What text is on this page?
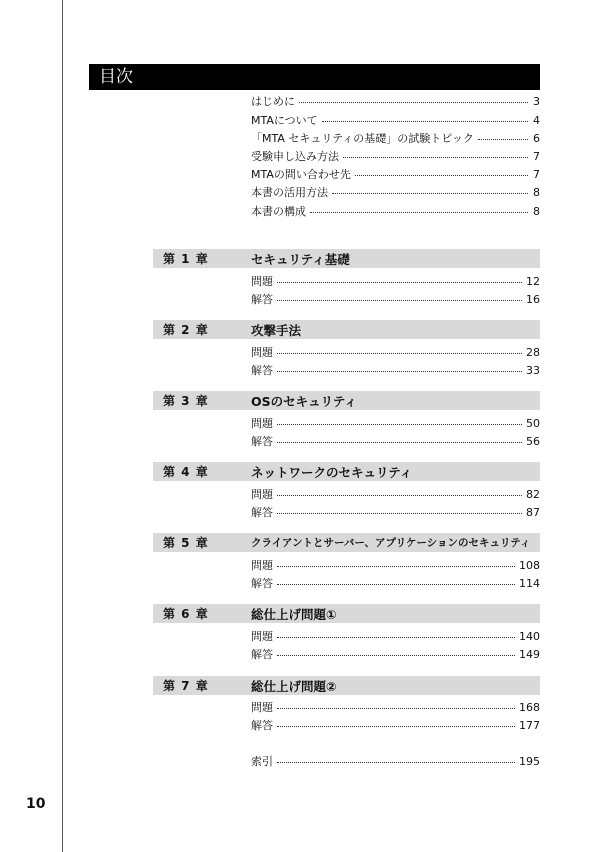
目次
はじめに	3
MTAについて	4
「MTA セキュリティの基礎」の試験トピック	6
受験申し込み方法	7
MTAの問い合わせ先	7
本書の活用方法	8
本書の構成	8
第 1 章	セキュリティ基礎
問題	12
解答	16
第 2 章	攻撃手法
問題	28
解答	33
第 3 章	OSのセキュリティ
問題	50
解答	56
第 4 章	ネットワークのセキュリティ
問題	82
解答	87
第 5 章	クライアントとサーバー、アプリケーションのセキュリティ
問題	108
解答	114
第 6 章	総仕上げ問題①
問題	140
解答	149
第 7 章	総仕上げ問題②
問題	168
解答	177
索引	195
10
